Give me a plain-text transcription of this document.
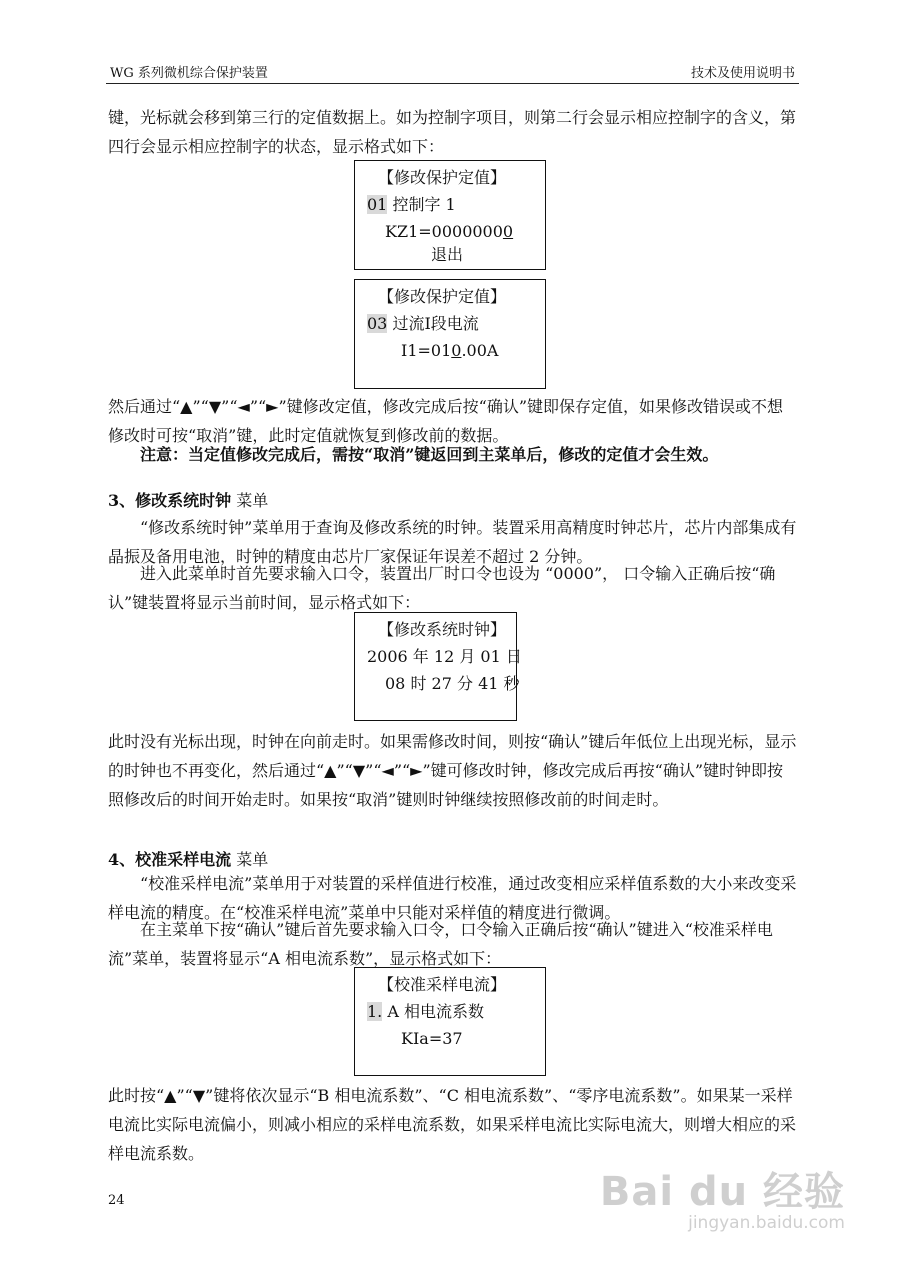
WG 系列微机综合保护装置	技术及使用说明书

键，光标就会移到第三行的定值数据上。如为控制字项目，则第二行会显示相应控制字的含义，第四行会显示相应控制字的状态，显示格式如下：

【修改保护定值】
01 控制字 1
KZ1=00000000
退出
【修改保护定值】
03 过流Ⅰ段电流
I1=010.00A

然后通过“▲”“▼”“◄”“►”键修改定值，修改完成后按“确认”键即保存定值，如果修改错误或不想修改时可按“取消”键，此时定值就恢复到修改前的数据。

注意：当定值修改完成后，需按“取消”键返回到主菜单后，修改的定值才会生效。

3、修改系统时钟 菜单

“修改系统时钟”菜单用于查询及修改系统的时钟。装置采用高精度时钟芯片，芯片内部集成有晶振及备用电池，时钟的精度由芯片厂家保证年误差不超过 2 分钟。

进入此菜单时首先要求输入口令，装置出厂时口令也设为 “0000”， 口令输入正确后按“确认”键装置将显示当前时间，显示格式如下：

【修改系统时钟】
2006 年 12 月 01 日
08 时 27 分 41 秒

此时没有光标出现，时钟在向前走时。如果需修改时间，则按“确认”键后年低位上出现光标，显示的时钟也不再变化，然后通过“▲”“▼”“◄”“►”键可修改时钟，修改完成后再按“确认”键时钟即按照修改后的时间开始走时。如果按“取消”键则时钟继续按照修改前的时间走时。

4、校准采样电流 菜单

“校准采样电流”菜单用于对装置的采样值进行校准，通过改变相应采样值系数的大小来改变采样电流的精度。在“校准采样电流”菜单中只能对采样值的精度进行微调。

在主菜单下按“确认”键后首先要求输入口令，口令输入正确后按“确认”键进入“校准采样电流”菜单，装置将显示“A 相电流系数”，显示格式如下：

【校准采样电流】
1. A 相电流系数
KIa=37

此时按“▲”“▼”键将依次显示“B 相电流系数”、“C 相电流系数”、“零序电流系数”。如果某一采样电流比实际电流偏小，则减小相应的采样电流系数，如果采样电流比实际电流大，则增大相应的采样电流系数。

24	Bai du 经验
jingyan.baidu.com
